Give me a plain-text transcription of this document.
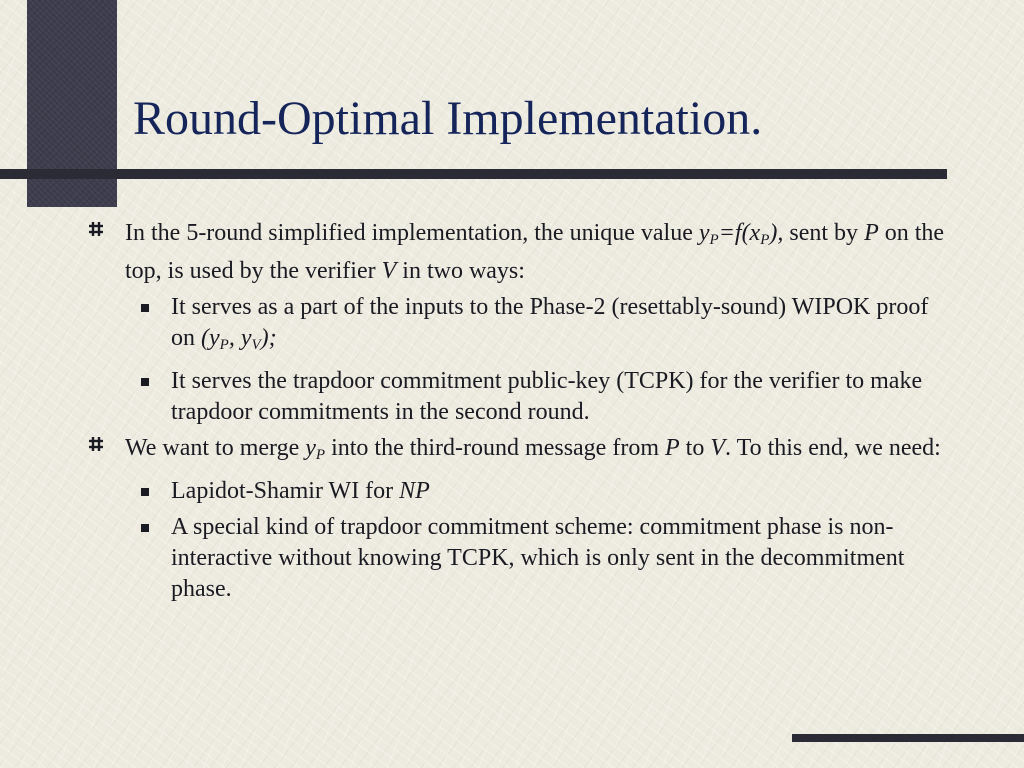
Round-Optimal Implementation.
In the 5-round simplified implementation, the unique value $y_P=f(x_P)$, sent by P on the top, is used by the verifier V in two ways:
It serves as a part of the inputs to the Phase-2 (resettably-sound) WIPOK proof on ($y_P$, $y_V$);
It serves the trapdoor commitment public-key (TCPK) for the verifier to make trapdoor commitments in the second round.
We want to merge $y_P$ into the third-round message from P to V. To this end, we need:
Lapidot-Shamir WI for NP
A special kind of trapdoor commitment scheme: commitment phase is non-interactive without knowing TCPK, which is only sent in the decommitment phase.
